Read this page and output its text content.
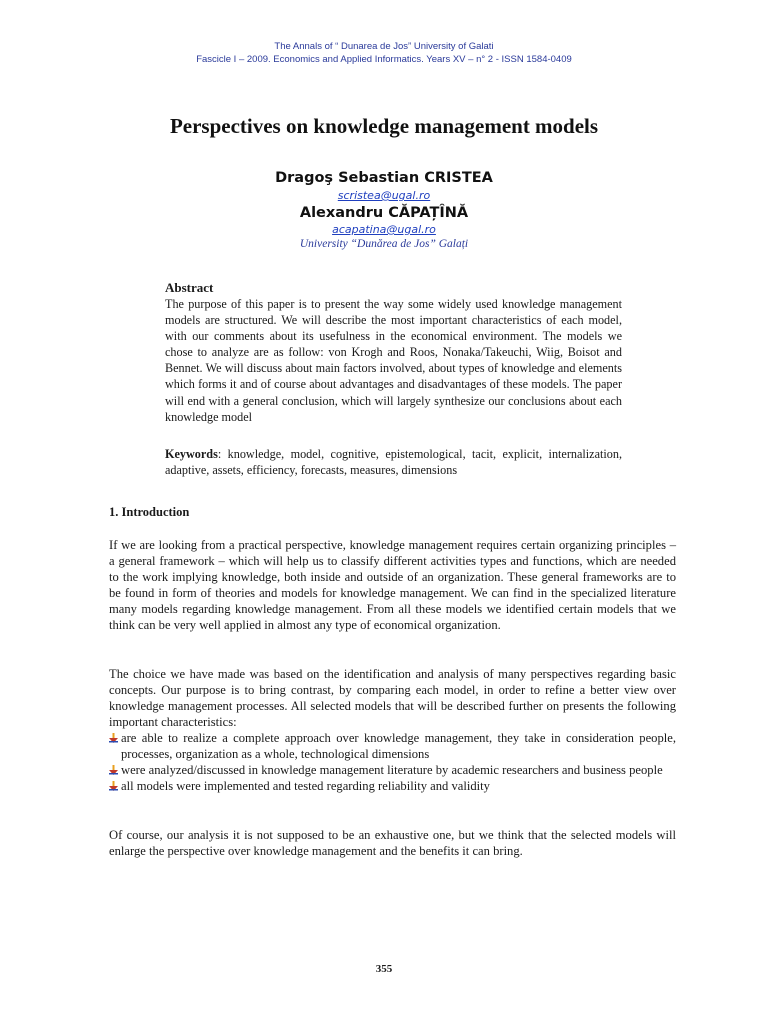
The Annals of “ Dunarea de Jos” University of Galati
Fascicle I – 2009. Economics and Applied Informatics. Years XV – n° 2 - ISSN 1584-0409
Perspectives on knowledge management models
Dragoş Sebastian CRISTEA
scristea@ugal.ro
Alexandru CĂPAȚÎNĂ
acapatina@ugal.ro
University “Dunărea de Jos” Galați
Abstract
The purpose of this paper is to present the way some widely used knowledge management models are structured. We will describe the most important characteristics of each model, with our comments about its usefulness in the economical environment. The models we chose to analyze are as follow: von Krogh and Roos, Nonaka/Takeuchi, Wiig, Boisot and Bennet. We will discuss about main factors involved, about types of knowledge and elements which forms it and of course about advantages and disadvantages of these models. The paper will end with a general conclusion, which will largely synthesize our conclusions about each knowledge model
Keywords: knowledge, model, cognitive, epistemological, tacit, explicit, internalization, adaptive, assets, efficiency, forecasts, measures, dimensions
1. Introduction
If we are looking from a practical perspective, knowledge management requires certain organizing principles – a general framework – which will help us to classify different activities types and functions, which are needed to the work implying knowledge, both inside and outside of an organization. These general frameworks are to be found in form of theories and models for knowledge management. We can find in the specialized literature many models regarding knowledge management. From all these models we identified certain models that we think can be very well applied in almost any type of economical organization.
The choice we have made was based on the identification and analysis of many perspectives regarding basic concepts. Our purpose is to bring contrast, by comparing each model, in order to refine a better view over knowledge management processes. All selected models that will be described further on presents the following important characteristics:
are able to realize a complete approach over knowledge management, they take in consideration people, processes, organization as a whole, technological dimensions
were analyzed/discussed in knowledge management literature by academic researchers and business people
all models were implemented and tested regarding reliability and validity
Of course, our analysis it is not supposed to be an exhaustive one, but we think that the selected models will enlarge the perspective over knowledge management and the benefits it can bring.
355
